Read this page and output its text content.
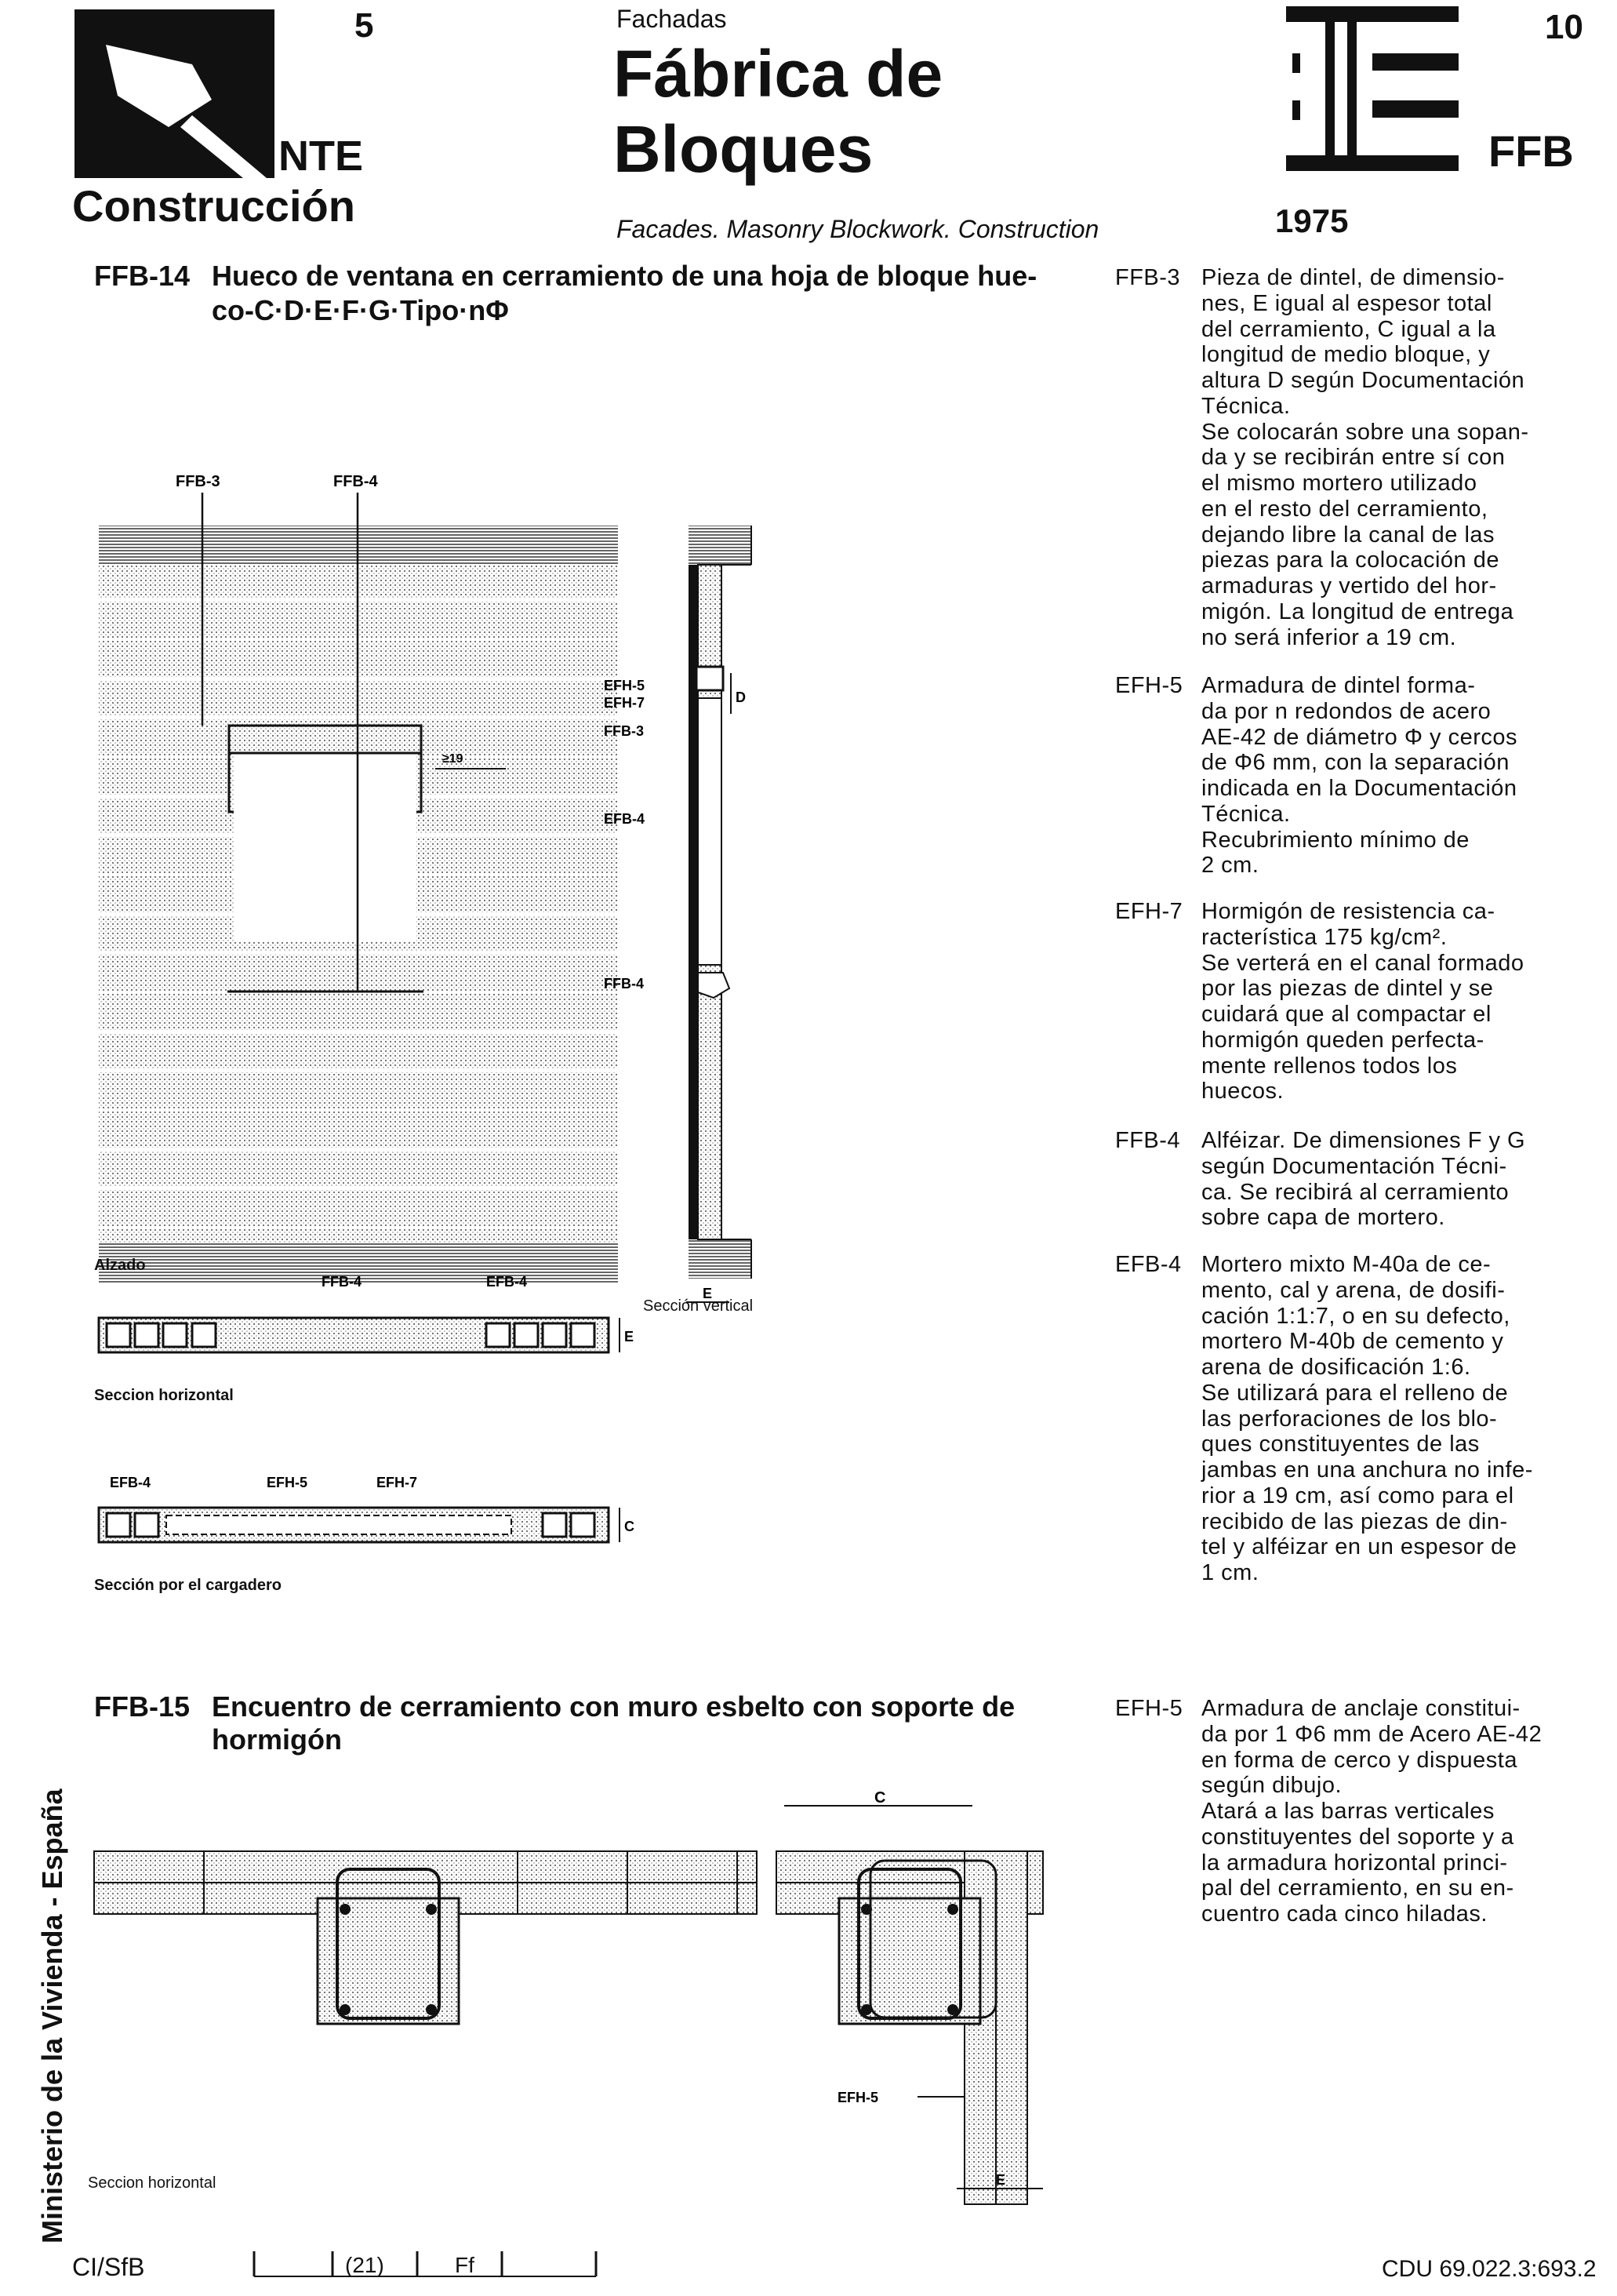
5
NTE
Construcción
Fachadas
Fábrica de
Bloques
Facades. Masonry Blockwork. Construction
10
FFB
1975
FFB-14 Hueco de ventana en cerramiento de una hoja de bloque hue-
co-C·D·E·F·G·Tipo·nΦ
≥19
FFB-3	FFB-4
D
E
EFH-5
EFH-7
FFB-3
EFB-4
FFB-4
E
FFB-4	EFB-4
C
EFB-4	EFH-5	EFH-7
Alzado
Sección vertical
Seccion horizontal
Sección por el cargadero
FFB-15 Encuentro de cerramiento con muro esbelto con soporte de
hormigón
C
E
EFH-5
Seccion horizontal
FFB-3 Pieza de dintel, de dimensio-

nes, E igual al espesor total

del cerramiento, C igual a la

longitud de medio bloque, y

altura D según Documentación

Técnica.

Se colocarán sobre una sopan-

da y se recibirán entre sí con

el mismo mortero utilizado

en el resto del cerramiento,

dejando libre la canal de las

piezas para la colocación de

armaduras y vertido del hor-

migón. La longitud de entrega

no será inferior a 19 cm.

EFH-5 Armadura de dintel forma-

da por n redondos de acero

AE-42 de diámetro Φ y cercos

de Φ6 mm, con la separación

indicada en la Documentación

Técnica.

Recubrimiento mínimo de

2 cm.

EFH-7 Hormigón de resistencia ca-

racterística 175 kg/cm².

Se verterá en el canal formado

por las piezas de dintel y se

cuidará que al compactar el

hormigón queden perfecta-

mente rellenos todos los

huecos.

FFB-4 Alféizar. De dimensiones F y G

según Documentación Técni-

ca. Se recibirá al cerramiento

sobre capa de mortero.

EFB-4 Mortero mixto M-40a de ce-

mento, cal y arena, de dosifi-

cación 1:1:7, o en su defecto,

mortero M-40b de cemento y

arena de dosificación 1:6.

Se utilizará para el relleno de

las perforaciones de los blo-

ques constituyentes de las

jambas en una anchura no infe-

rior a 19 cm, así como para el

recibido de las piezas de din-

tel y alféizar en un espesor de

1 cm.

EFH-5 Armadura de anclaje constitui-

da por 1 Φ6 mm de Acero AE-42

en forma de cerco y dispuesta

según dibujo.

Atará a las barras verticales

constituyentes del soporte y a

la armadura horizontal princi-

pal del cerramiento, en su en-

cuentro cada cinco hiladas.

Ministerio de la Vivienda - España
CI/SfB	(21)	Ff	CDU 69.022.3:693.2
